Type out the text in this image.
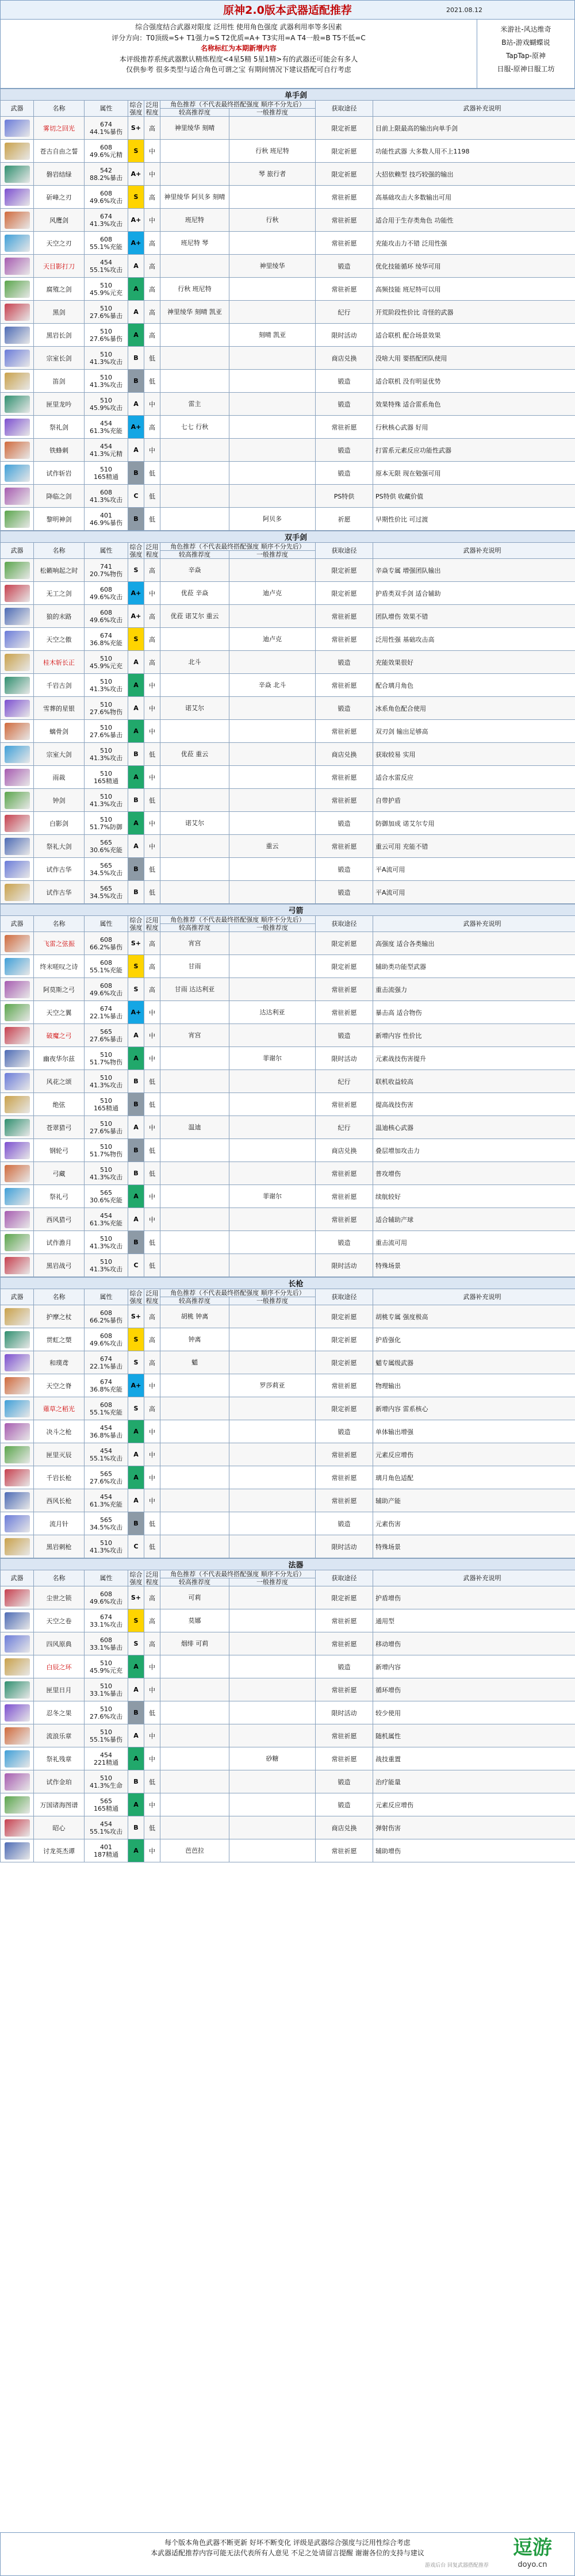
原神2.0版本武器适配推荐	2021.08.12
综合强度结合武器对限度 泛用性 使用角色强度 武器利用率等多因素
评分方向：T0顶级=S+ T1强力=S T2优质=A+ T3实用=A T4一般=B T5不低=C
名称标红为本期新增内容
本评级推荐系统武器默认精炼程度<4星5精 5星1精>有的武器还可能会有多人
仅供参考 很多类型与适合角色可谓之宝 有期间情况下建议搭配可自行考虑
米游社-风达维奇
B站-游戏蝴蝶说
TapTap-原神
日服-原神日服工坊
单手剑								
武器	名称	属性	综合强度	泛用程度	角色推荐（不代表最终搭配强度 顺序不分先后）		获取途径	武器补充说明
					较高推荐度	一般推荐度		
	雾切之回光	674
44.1%暴伤	S+	高	神里绫华 刻晴		限定祈愿	目前上限最高的输出向单手剑
	苍古自由之誓	608
49.6%元精	S	中		行秋 班尼特	限定祈愿	功能性武器 大多数人用不上1198
	磐岩结绿	542
88.2%暴击	A+	中		琴 旅行者	限定祈愿	大招依赖型 技巧较强的输出
	斫峰之刃	608
49.6%攻击	S	高	神里绫华 阿贝多 刻晴		常驻祈愿	高基础攻击大多数输出可用
	风鹰剑	674
41.3%攻击	A+	中	班尼特	行秋	常驻祈愿	适合用于生存类角色 功能性
	天空之刃	608
55.1%充能	A+	高	班尼特 琴		常驻祈愿	充能攻击力不错 泛用性强
	天目影打刀	454
55.1%攻击	A	高		神里绫华	锻造	优化技能循环 绫华可用
	腐殖之剑	510
45.9%元充	A	高	行秋 班尼特		常驻祈愿	高频技能 班尼特可以用
	黑剑	510
27.6%暴击	A	高	神里绫华 刻晴 凯亚		纪行	开荒阶段性价比 奇怪的武器
	黑岩长剑	510
27.6%暴伤	A	高		刻晴 凯亚	限时活动	适合联机 配合场景效果
	宗室长剑	510
41.3%攻击	B	低			商店兑换	没啥大用 要搭配团队使用
	笛剑	510
41.3%攻击	B	低			锻造	适合联机 没有明显优势
	匣里龙吟	510
45.9%攻击	A	中	雷主		锻造	效果特殊 适合雷系角色
	祭礼剑	454
61.3%充能	A+	高	七七 行秋		常驻祈愿	行秋核心武器 好用
	铁蜂刺	454
41.3%元精	A	中			锻造	打雷系元素反应功能性武器
	试作斩岩	510
165精通	B	低			锻造	原本无限 现在勉强可用
	降临之剑	608
41.3%攻击	C	低			PS特供	PS特供 收藏价值
	黎明神剑	401
46.9%暴伤	B	低		阿贝多	祈愿	早期性价比 可过渡
双手剑								
武器	名称	属性	综合强度	泛用程度	角色推荐（不代表最终搭配强度 顺序不分先后）		获取途径	武器补充说明
					较高推荐度	一般推荐度		
	松籁响起之时	741
20.7%物伤	S	高	辛焱		限定祈愿	辛焱专属 增强团队输出
	无工之剑	608
49.6%攻击	A+	中	优菈 辛焱	迪卢克	限定祈愿	护盾类双手剑 适合辅助
	狼的末路	608
49.6%攻击	A+	高	优菈 诺艾尔 重云		常驻祈愿	团队增伤 效果不错
	天空之傲	674
36.8%充能	S	高		迪卢克	常驻祈愿	泛用性强 基础攻击高
	桂木斩长正	510
45.9%元充	A	高	北斗		锻造	充能效果很好
	千岩古剑	510
41.3%攻击	A	中		辛焱 北斗	常驻祈愿	配合璃月角色
	雪葬的星银	510
27.6%物伤	A	中	诺艾尔		锻造	冰系角色配合使用
	螭骨剑	510
27.6%暴击	A	中			常驻祈愿	双刃剑 输出足够高
	宗室大剑	510
41.3%攻击	B	低	优菈 重云		商店兑换	获取较易 实用
	雨裁	510
165精通	A	中			常驻祈愿	适合水雷反应
	钟剑	510
41.3%攻击	B	低			常驻祈愿	自带护盾
	白影剑	510
51.7%防御	A	中	诺艾尔		锻造	防御加成 诺艾尔专用
	祭礼大剑	565
30.6%充能	A	中		重云	常驻祈愿	重云可用 充能不错
	试作古华	565
34.5%攻击	B	低			锻造	平A流可用
	试作古华	565
34.5%攻击	B	低			锻造	平A流可用
弓箭								
武器	名称	属性	综合强度	泛用程度	角色推荐（不代表最终搭配强度 顺序不分先后）		获取途径	武器补充说明
					较高推荐度	一般推荐度		
	飞雷之弦振	608
66.2%暴伤	S+	高	宵宫		限定祈愿	高强度 适合各类输出
	终末嗟叹之诗	608
55.1%充能	S	高	甘雨		限定祈愿	辅助类功能型武器
	阿莫斯之弓	608
49.6%攻击	S	高	甘雨 达达利亚		常驻祈愿	重击流强力
	天空之翼	674
22.1%暴击	A+	中		达达利亚	常驻祈愿	暴击高 适合物伤
	破魔之弓	565
27.6%暴击	A	中	宵宫		锻造	新增内容 性价比
	幽夜华尔兹	510
51.7%物伤	A	中		菲谢尔	限时活动	元素战技伤害提升
	风花之颂	510
41.3%攻击	B	低			纪行	联机收益较高
	绝弦	510
165精通	B	低			常驻祈愿	提高战技伤害
	苍翠猎弓	510
27.6%暴击	A	中	温迪		纪行	温迪核心武器
	钢轮弓	510
51.7%物伤	B	低			商店兑换	叠层增加攻击力
	弓藏	510
41.3%攻击	B	低			常驻祈愿	普攻增伤
	祭礼弓	565
30.6%充能	A	中		菲谢尔	常驻祈愿	续航较好
	西风猎弓	454
61.3%充能	A	中			常驻祈愿	适合辅助产球
	试作澹月	510
41.3%攻击	B	低			锻造	重击流可用
	黑岩战弓	510
41.3%攻击	C	低			限时活动	特殊场景
长枪								
武器	名称	属性	综合强度	泛用程度	角色推荐（不代表最终搭配强度 顺序不分先后）		获取途径	武器补充说明
					较高推荐度	一般推荐度		
	护摩之杖	608
66.2%暴伤	S+	高	胡桃 钟离		限定祈愿	胡桃专属 强度极高
	贯虹之槊	608
49.6%攻击	S	高	钟离		限定祈愿	护盾强化
	和璞鸢	674
22.1%暴击	S	高	魈		限定祈愿	魈专属级武器
	天空之脊	674
36.8%充能	A+	中		罗莎莉亚	常驻祈愿	物理输出
	薙草之稻光	608
55.1%充能	S	高			限定祈愿	新增内容 雷系核心
	决斗之枪	454
36.8%暴击	A	中			锻造	单体输出增强
	匣里灭辰	454
55.1%攻击	A	中			常驻祈愿	元素反应增伤
	千岩长枪	565
27.6%攻击	A	中			常驻祈愿	璃月角色适配
	西风长枪	454
61.3%充能	A	中			常驻祈愿	辅助产能
	流月针	565
34.5%攻击	B	低			锻造	元素伤害
	黑岩刺枪	510
41.3%攻击	C	低			限时活动	特殊场景
法器								
武器	名称	属性	综合强度	泛用程度	角色推荐（不代表最终搭配强度 顺序不分先后）		获取途径	武器补充说明
					较高推荐度	一般推荐度		
	尘世之锁	608
49.6%攻击	S+	高	可莉		限定祈愿	护盾增伤
	天空之卷	674
33.1%攻击	S	高	莫娜		常驻祈愿	通用型
	四风原典	608
33.1%暴击	S	高	烟绯 可莉		常驻祈愿	移动增伤
	白辰之环	510
45.9%元充	A	中			锻造	新增内容
	匣里日月	510
33.1%暴击	A	中			常驻祈愿	循环增伤
	忍冬之果	510
27.6%攻击	B	低			限时活动	较少使用
	流浪乐章	510
55.1%暴伤	A	中			常驻祈愿	随机属性
	祭礼残章	454
221精通	A	中		砂糖	常驻祈愿	战技重置
	试作金珀	510
41.3%生命	B	低			锻造	治疗能量
	万国诸海图谱	565
165精通	A	中			锻造	元素反应增伤
	昭心	454
55.1%攻击	B	低			商店兑换	弹射伤害
	讨龙英杰谭	401
187精通	A	中	芭芭拉		常驻祈愿	辅助增伤
每个版本角色武器不断更新 好坏不断变化 评级是武器综合强度与泛用性综合考虑
本武器适配推荐内容可能无法代表所有人意见 不足之处请留言提醒 谢谢各位的支持与建议	逗游
doyo.cn
游戏后台 回复武器搭配推荐
